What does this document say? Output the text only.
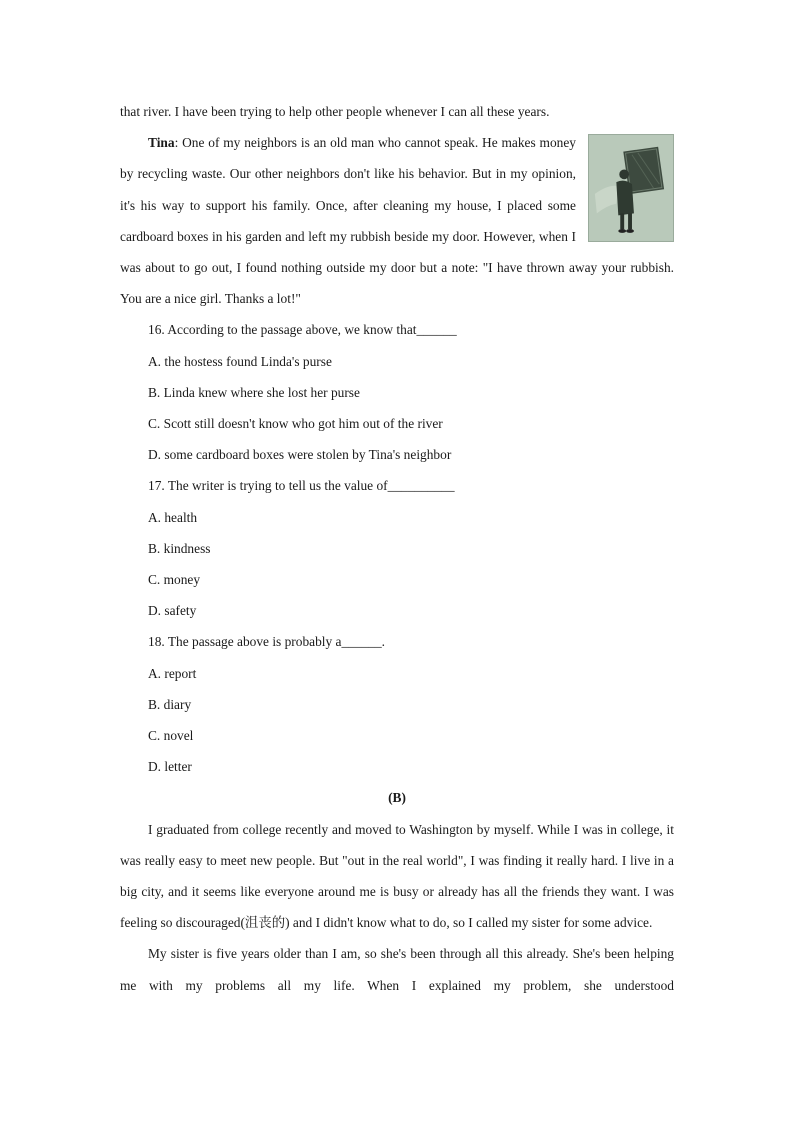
that river. I have been trying to help other people whenever I can all these years.

Tina: One of my neighbors is an old man who cannot speak. He makes money by recycling waste. Our other neighbors don't like his behavior. But in my opinion, it's his way to support his family. Once, after cleaning my house, I placed some cardboard boxes in his garden and left my rubbish beside my door. However, when I was about to go out, I found nothing outside my door but a note: "I have thrown away your rubbish. You are a nice girl. Thanks a lot!"

16. According to the passage above, we know that______

A. the hostess found Linda's purse

B. Linda knew where she lost her purse

C. Scott still doesn't know who got him out of the river

D. some cardboard boxes were stolen by Tina's neighbor

17. The writer is trying to tell us the value of__________

A. health

B. kindness

C. money

D. safety

18. The passage above is probably a______.

A. report

B. diary

C. novel

D. letter

(B)

I graduated from college recently and moved to Washington by myself. While I was in college, it was really easy to meet new people. But "out in the real world", I was finding it really hard. I live in a big city, and it seems like everyone around me is busy or already has all the friends they want. I was feeling so discouraged(沮丧的) and I didn't know what to do, so I called my sister for some advice.

My sister is five years older than I am, so she's been through all this already. She's been helping me with my problems all my life. When I explained my problem, she understood
